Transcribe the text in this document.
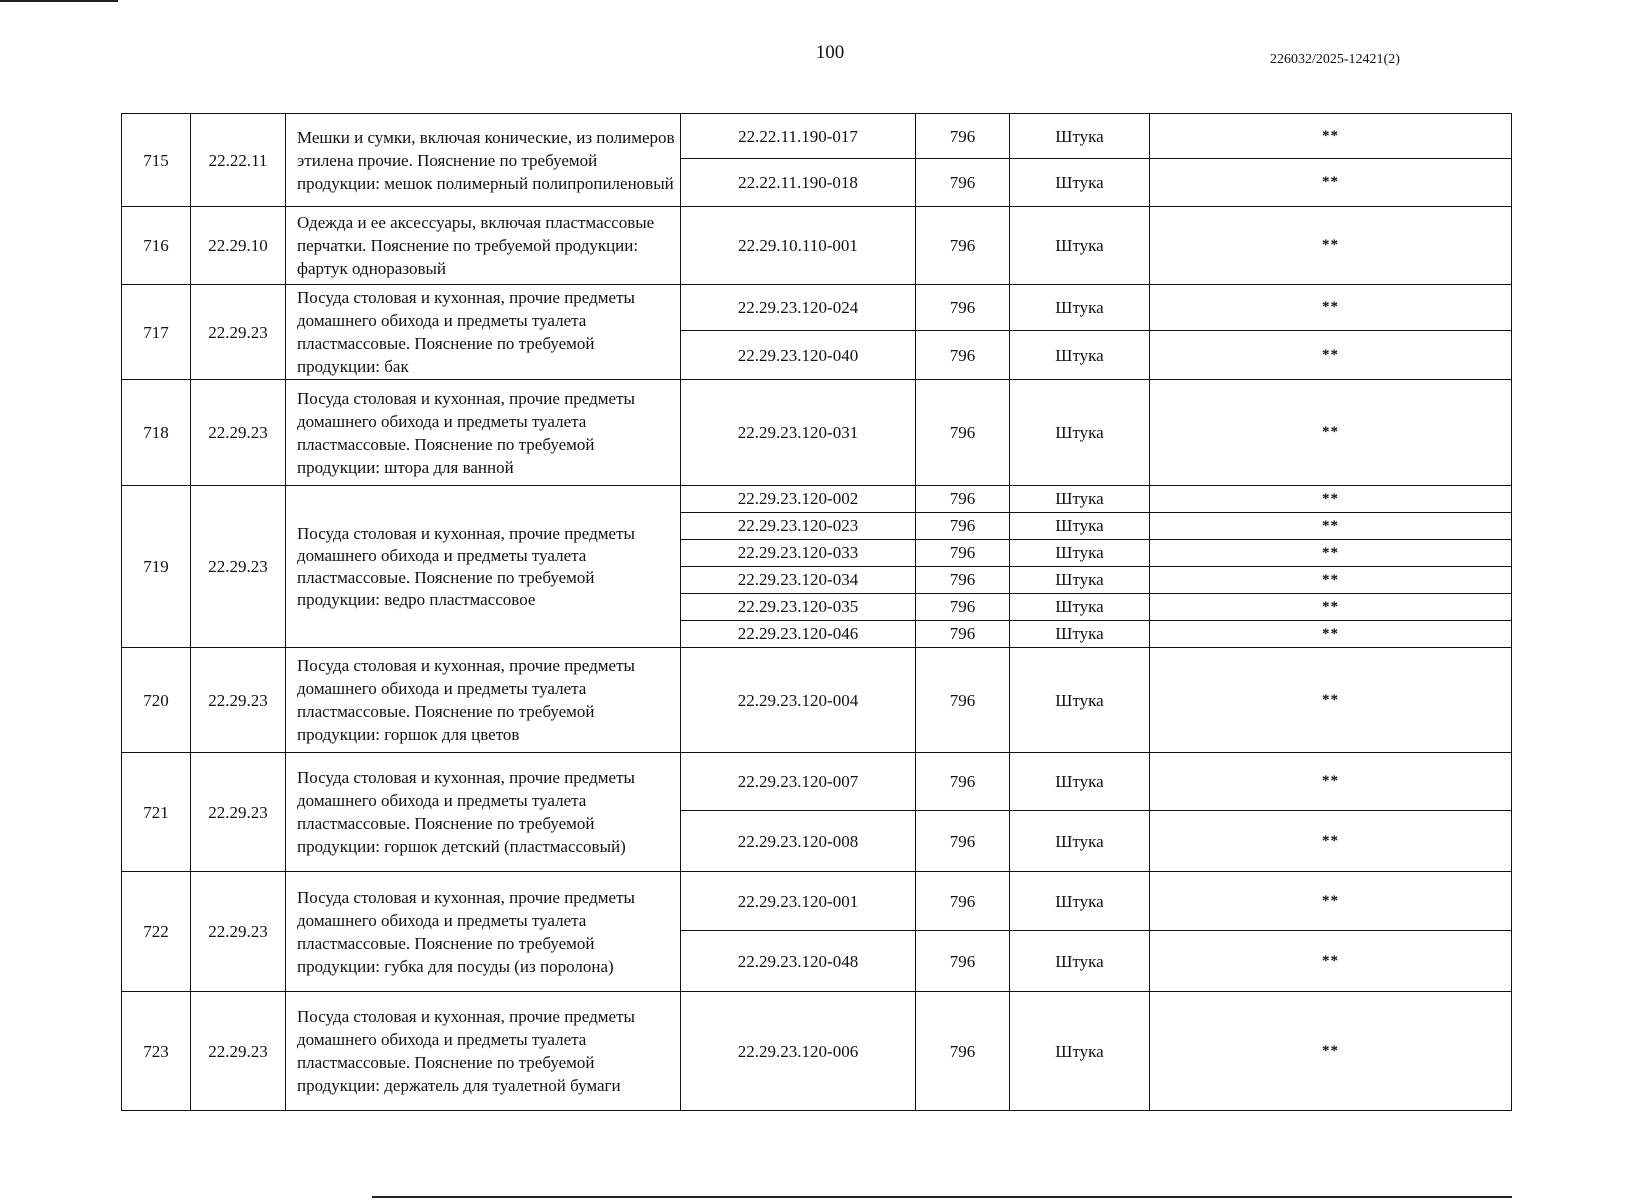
100	226032/2025-12421(2)
715	22.22.11	Мешки и сумки, включая конические, из полимеров этилена прочие. Пояснение по требуемой продукции: мешок полимерный полипропиленовый	22.22.11.190-017	796	Штука	**
			22.22.11.190-018	796	Штука	**
716	22.29.10	Одежда и ее аксессуары, включая пластмассовые перчатки. Пояснение по требуемой продукции: фартук одноразовый	22.29.10.110-001	796	Штука	**
717	22.29.23	Посуда столовая и кухонная, прочие предметы домашнего обихода и предметы туалета пластмассовые. Пояснение по требуемой продукции: бак	22.29.23.120-024	796	Штука	**
			22.29.23.120-040	796	Штука	**
718	22.29.23	Посуда столовая и кухонная, прочие предметы домашнего обихода и предметы туалета пластмассовые. Пояснение по требуемой продукции: штора для ванной	22.29.23.120-031	796	Штука	**
719	22.29.23	Посуда столовая и кухонная, прочие предметы домашнего обихода и предметы туалета пластмассовые. Пояснение по требуемой продукции: ведро пластмассовое	22.29.23.120-002	796	Штука	**
			22.29.23.120-023	796	Штука	**
			22.29.23.120-033	796	Штука	**
			22.29.23.120-034	796	Штука	**
			22.29.23.120-035	796	Штука	**
			22.29.23.120-046	796	Штука	**
720	22.29.23	Посуда столовая и кухонная, прочие предметы домашнего обихода и предметы туалета пластмассовые. Пояснение по требуемой продукции: горшок для цветов	22.29.23.120-004	796	Штука	**
721	22.29.23	Посуда столовая и кухонная, прочие предметы домашнего обихода и предметы туалета пластмассовые. Пояснение по требуемой продукции: горшок детский (пластмассовый)	22.29.23.120-007	796	Штука	**
			22.29.23.120-008	796	Штука	**
722	22.29.23	Посуда столовая и кухонная, прочие предметы домашнего обихода и предметы туалета пластмассовые. Пояснение по требуемой продукции: губка для посуды (из поролона)	22.29.23.120-001	796	Штука	**
			22.29.23.120-048	796	Штука	**
723	22.29.23	Посуда столовая и кухонная, прочие предметы домашнего обихода и предметы туалета пластмассовые. Пояснение по требуемой продукции: держатель для туалетной бумаги	22.29.23.120-006	796	Штука	**
